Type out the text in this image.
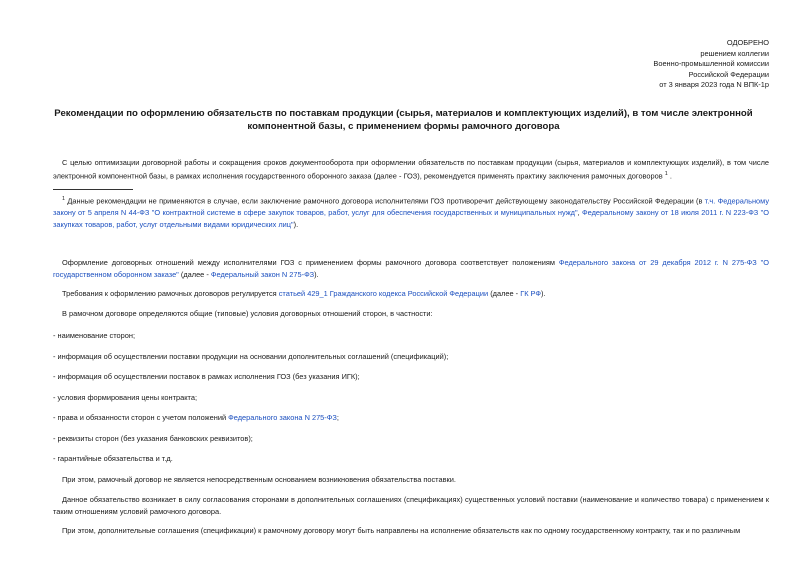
ОДОБРЕНО
решением коллегии
Военно-промышленной комиссии
Российской Федерации
от 3 января 2023 года N ВПК-1р
Рекомендации по оформлению обязательств по поставкам продукции (сырья, материалов и комплектующих изделий), в том числе электронной компонентной базы, с применением формы рамочного договора
С целью оптимизации договорной работы и сокращения сроков документооборота при оформлении обязательств по поставкам продукции (сырья, материалов и комплектующих изделий), в том числе электронной компонентной базы, в рамках исполнения государственного оборонного заказа (далее - ГОЗ), рекомендуется применять практику заключения рамочных договоров $^1$ .
$^1$ Данные рекомендации не применяются в случае, если заключение рамочного договора исполнителями ГОЗ противоречит действующему законодательству Российской Федерации (в т.ч. Федеральному закону от 5 апреля N 44-ФЗ "О контрактной системе в сфере закупок товаров, работ, услуг для обеспечения государственных и муниципальных нужд", Федеральному закону от 18 июля 2011 г. N 223-ФЗ "О закупках товаров, работ, услуг отдельными видами юридических лиц").
Оформление договорных отношений между исполнителями ГОЗ с применением формы рамочного договора соответствует положениям Федерального закона от 29 декабря 2012 г. N 275-ФЗ "О государственном оборонном заказе" (далее - Федеральный закон N 275-ФЗ).
Требования к оформлению рамочных договоров регулируется статьей 429_1 Гражданского кодекса Российской Федерации (далее - ГК РФ).
В рамочном договоре определяются общие (типовые) условия договорных отношений сторон, в частности:
- наименование сторон;
- информация об осуществлении поставки продукции на основании дополнительных соглашений (спецификаций);
- информация об осуществлении поставок в рамках исполнения ГОЗ (без указания ИГК);
- условия формирования цены контракта;
- права и обязанности сторон с учетом положений Федерального закона N 275-ФЗ;
- реквизиты сторон (без указания банковских реквизитов);
- гарантийные обязательства и т.д.
При этом, рамочный договор не является непосредственным основанием возникновения обязательства поставки.
Данное обязательство возникает в силу согласования сторонами в дополнительных соглашениях (спецификациях) существенных условий поставки (наименование и количество товара) с применением к таким отношениям условий рамочного договора.
При этом, дополнительные соглашения (спецификации) к рамочному договору могут быть направлены на исполнение обязательств как по одному государственному контракту, так и по различным
